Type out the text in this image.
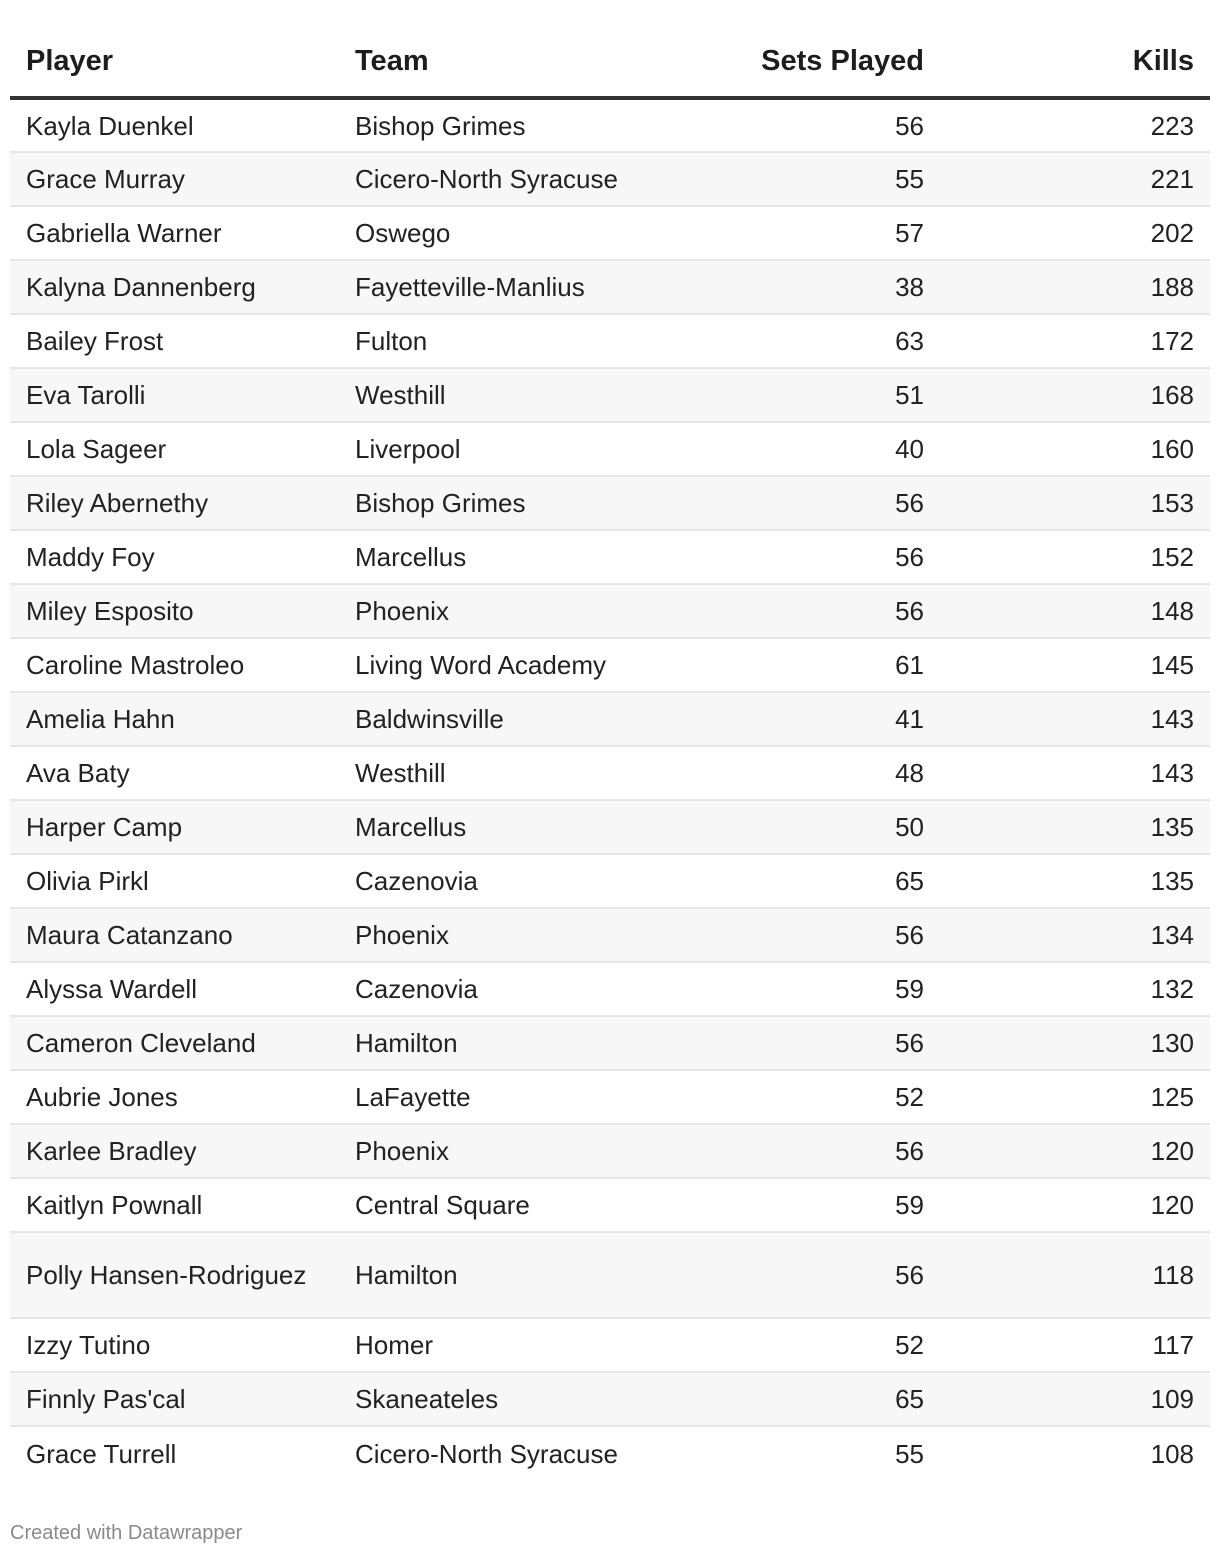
Player	Team	Sets Played	Kills
Kayla Duenkel	Bishop Grimes	56	223
Grace Murray	Cicero-North Syracuse	55	221
Gabriella Warner	Oswego	57	202
Kalyna Dannenberg	Fayetteville-Manlius	38	188
Bailey Frost	Fulton	63	172
Eva Tarolli	Westhill	51	168
Lola Sageer	Liverpool	40	160
Riley Abernethy	Bishop Grimes	56	153
Maddy Foy	Marcellus	56	152
Miley Esposito	Phoenix	56	148
Caroline Mastroleo	Living Word Academy	61	145
Amelia Hahn	Baldwinsville	41	143
Ava Baty	Westhill	48	143
Harper Camp	Marcellus	50	135
Olivia Pirkl	Cazenovia	65	135
Maura Catanzano	Phoenix	56	134
Alyssa Wardell	Cazenovia	59	132
Cameron Cleveland	Hamilton	56	130
Aubrie Jones	LaFayette	52	125
Karlee Bradley	Phoenix	56	120
Kaitlyn Pownall	Central Square	59	120
Polly Hansen-Rodriguez	Hamilton	56	118
Izzy Tutino	Homer	52	117
Finnly Pas'cal	Skaneateles	65	109
Grace Turrell	Cicero-North Syracuse	55	108
Created with Datawrapper
